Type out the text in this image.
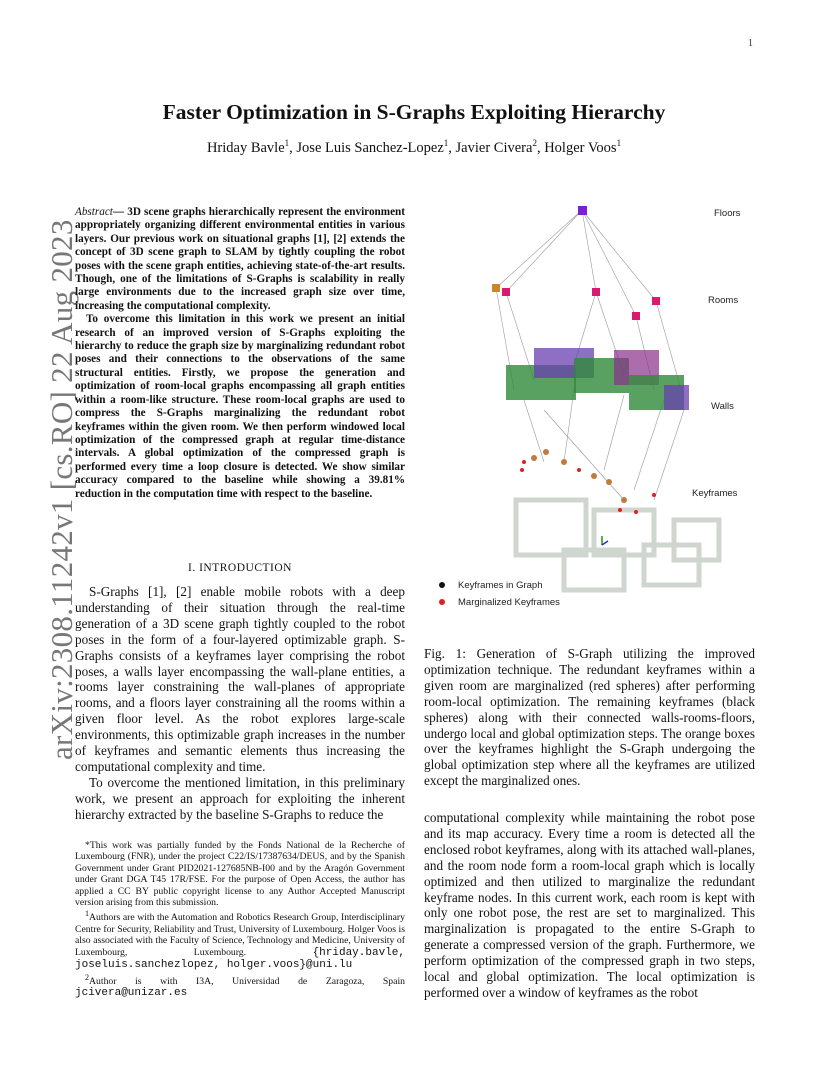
1
arXiv:2308.11242v1 [cs.RO] 22 Aug 2023
Faster Optimization in S-Graphs Exploiting Hierarchy
Hriday Bavle$^1$, Jose Luis Sanchez-Lopez$^1$, Javier Civera$^2$, Holger Voos$^1$

Abstract— 3D scene graphs hierarchically represent the environment appropriately organizing different environmental entities in various layers. Our previous work on situational graphs [1], [2] extends the concept of 3D scene graph to SLAM by tightly coupling the robot poses with the scene graph entities, achieving state-of-the-art results. Though, one of the limitations of S-Graphs is scalability in really large environments due to the increased graph size over time, increasing the computational complexity.

To overcome this limitation in this work we present an initial research of an improved version of S-Graphs exploiting the hierarchy to reduce the graph size by marginalizing redundant robot poses and their connections to the observations of the same structural entities. Firstly, we propose the generation and optimization of room-local graphs encompassing all graph entities within a room-like structure. These room-local graphs are used to compress the S-Graphs marginalizing the redundant robot keyframes within the given room. We then perform windowed local optimization of the compressed graph at regular time-distance intervals. A global optimization of the compressed graph is performed every time a loop closure is detected. We show similar accuracy compared to the baseline while showing a 39.81% reduction in the computation time with respect to the baseline.

I. INTRODUCTION

S-Graphs [1], [2] enable mobile robots with a deep understanding of their situation through the real-time generation of a 3D scene graph tightly coupled to the robot poses in the form of a four-layered optimizable graph. S-Graphs consists of a keyframes layer comprising the robot poses, a walls layer encompassing the wall-plane entities, a rooms layer constraining the wall-planes of appropriate rooms, and a floors layer constraining all the rooms within a given floor level. As the robot explores large-scale environments, this optimizable graph increases in the number of keyframes and semantic elements thus increasing the computational complexity and time.

To overcome the mentioned limitation, in this preliminary work, we present an approach for exploiting the inherent hierarchy extracted by the baseline S-Graphs to reduce the

*This work was partially funded by the Fonds National de la Recherche of Luxembourg (FNR), under the project C22/IS/17387634/DEUS, and by the Spanish Government under Grant PID2021-127685NB-I00 and by the Aragón Government under Grant DGA T45 17R/FSE. For the purpose of Open Access, the author has applied a CC BY public copyright license to any Author Accepted Manuscript version arising from this submission.

$^1$Authors are with the Automation and Robotics Research Group, Interdisciplinary Centre for Security, Reliability and Trust, University of Luxembourg. Holger Voos is also associated with the Faculty of Science, Technology and Medicine, University of Luxembourg, Luxembourg.	{hriday.bavle, joseluis.sanchezlopez, holger.voos}@uni.lu

$^2$Author is with I3A, Universidad de Zaragoza, Spain jcivera@unizar.es

Floors
Rooms
Walls
Keyframes
Keyframes in Graph
Marginalized Keyframes

Fig. 1: Generation of S-Graph utilizing the improved optimization technique. The redundant keyframes within a given room are marginalized (red spheres) after performing room-local optimization. The remaining keyframes (black spheres) along with their connected walls-rooms-floors, undergo local and global optimization steps. The orange boxes over the keyframes highlight the S-Graph undergoing the global optimization step where all the keyframes are utilized except the marginalized ones.

computational complexity while maintaining the robot pose and its map accuracy. Every time a room is detected all the enclosed robot keyframes, along with its attached wall-planes, and the room node form a room-local graph which is locally optimized and then utilized to marginalize the redundant keyframe nodes. In this current work, each room is kept with only one robot pose, the rest are set to marginalized. This marginalization is propagated to the entire S-Graph to generate a compressed version of the graph. Furthermore, we perform optimization of the compressed graph in two steps, local and global optimization. The local optimization is performed over a window of keyframes as the robot
